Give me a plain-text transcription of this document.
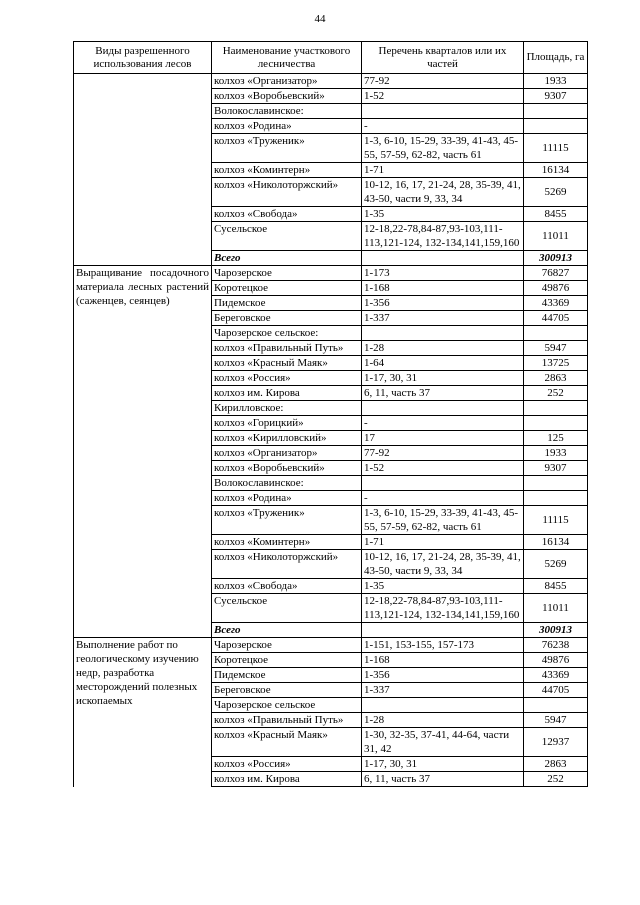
44
Виды разрешенного использования лесов	Наименование участкового лесничества	Перечень кварталов или их частей	Площадь, га
	колхоз «Организатор»	77-92	1933
	колхоз «Воробьевский»	1-52	9307
	Волокославинское:		
	колхоз «Родина»	-	
	колхоз «Труженик»	1-3, 6-10, 15-29, 33-39, 41-43, 45-55, 57-59, 62-82, часть 61	11115
	колхоз «Коминтерн»	1-71	16134
	колхоз «Николоторжский»	10-12, 16, 17, 21-24, 28, 35-39, 41, 43-50, части 9, 33, 34	5269
	колхоз «Свобода»	1-35	8455
	Сусельское	12-18,22-78,84-87,93-103,111-113,121-124, 132-134,141,159,160	11011
	Всего		300913
Выращивание посадочного материала лесных растений (саженцев, сеянцев)	Чарозерское	1-173	76827
	Коротецкое	1-168	49876
	Пидемское	1-356	43369
	Береговское	1-337	44705
	Чарозерское сельское:		
	колхоз «Правильный Путь»	1-28	5947
	колхоз «Красный Маяк»	1-64	13725
	колхоз «Россия»	1-17, 30, 31	2863
	колхоз им. Кирова	6, 11, часть 37	252
	Кирилловское:		
	колхоз «Горицкий»	-	
	колхоз «Кирилловский»	17	125
	колхоз «Организатор»	77-92	1933
	колхоз «Воробьевский»	1-52	9307
	Волокославинское:		
	колхоз «Родина»	-	
	колхоз «Труженик»	1-3, 6-10, 15-29, 33-39, 41-43, 45-55, 57-59, 62-82, часть 61	11115
	колхоз «Коминтерн»	1-71	16134
	колхоз «Николоторжский»	10-12, 16, 17, 21-24, 28, 35-39, 41, 43-50, части 9, 33, 34	5269
	колхоз «Свобода»	1-35	8455
	Сусельское	12-18,22-78,84-87,93-103,111-113,121-124, 132-134,141,159,160	11011
	Всего		300913
Выполнение работ по геологическому изучению недр, разработка месторождений полезных ископаемых	Чарозерское	1-151, 153-155, 157-173	76238
	Коротецкое	1-168	49876
	Пидемское	1-356	43369
	Береговское	1-337	44705
	Чарозерское сельское		
	колхоз «Правильный Путь»	1-28	5947
	колхоз «Красный Маяк»	1-30, 32-35, 37-41, 44-64, части 31, 42	12937
	колхоз «Россия»	1-17, 30, 31	2863
	колхоз им. Кирова	6, 11, часть 37	252
